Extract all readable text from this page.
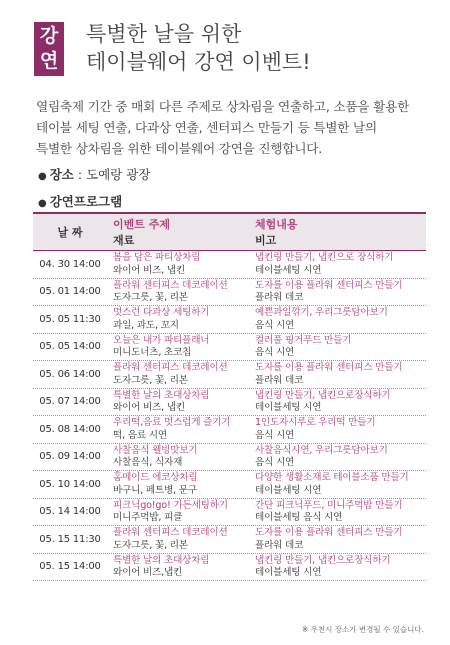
강
연
특별한 날을 위한
테이블웨어 강연 이벤트!
열림축제 기간 중 매회 다른 주제로 상차림을 연출하고, 소품을 활용한
테이블 세팅 연출, 다과상 연출, 센터피스 만들기 등 특별한 날의
특별한 상차림을 위한 테이블웨어 강연을 진행합니다.
● 장소 : 도예랑 광장
● 강연프로그램
날 짜
이벤트 주제
재료
체험내용
비고
04. 30 14:00
봄을 담은 파티상차림
와이어 비즈, 냅킨
냅킨링 만들기, 냅킨으로 장식하기
테이블세팅 시연
05. 01 14:00
플라워 센터피스 데코레이션
도자그릇, 꽃, 리본
도자를 이용 플라워 센터피스 만들기
플라워 데코
05. 05 11:30
멋스런 다과상 세팅하기
과일, 과도, 꼬지
예쁜과일깎기, 우리그릇담아보기
음식 시연
05. 05 14:00
오늘은 내가 파티플래너
미니도너츠, 초코칩
컬러풀 핑거푸드 만들기
음식 시연
05. 06 14:00
플라워 센터피스 데코레이션
도자그릇, 꽃, 리본
도자를 이용 플라워 센터피스 만들기
플라워 데코
05. 07 14:00
특별한 날의 초대상차림
와이어 비즈, 냅킨
냅킨링 만들기, 냅킨으로장식하기
테이블세팅 시연
05. 08 14:00
우리떡,음료 멋스럽게 즐기기
떡, 음료 시연
1인도자시루로 우리떡 만들기
음식 시연
05. 09 14:00
사찰음식 웰빙맛보기
사찰음식, 식자재
사찰음식시연, 우리그릇담아보기
음식 시연
05. 10 14:00
홈메이드 에코상차림
바구니, 페트병, 문구
다양한 생활소재로 테이블소품 만들기
테이블세팅 시연
05. 14 14:00
피크닉go!go! 가든세팅하기
미니주먹밥, 피클
간단 피크닉푸드, 미니주먹밥 만들기
테이블세팅 음식 시연
05. 15 11:30
플라워 센터피스 데코레이션
도자그릇, 꽃, 리본
도자를 이용 플라워 센터피스 만들기
플라워 데코
05. 15 14:00
특별한 날의 초대상차림
와이어 비즈,냅킨
냅킨링 만들기, 냅킨으로장식하기
테이블세팅 시연
※ 우천시 장소가 변경될 수 있습니다.
